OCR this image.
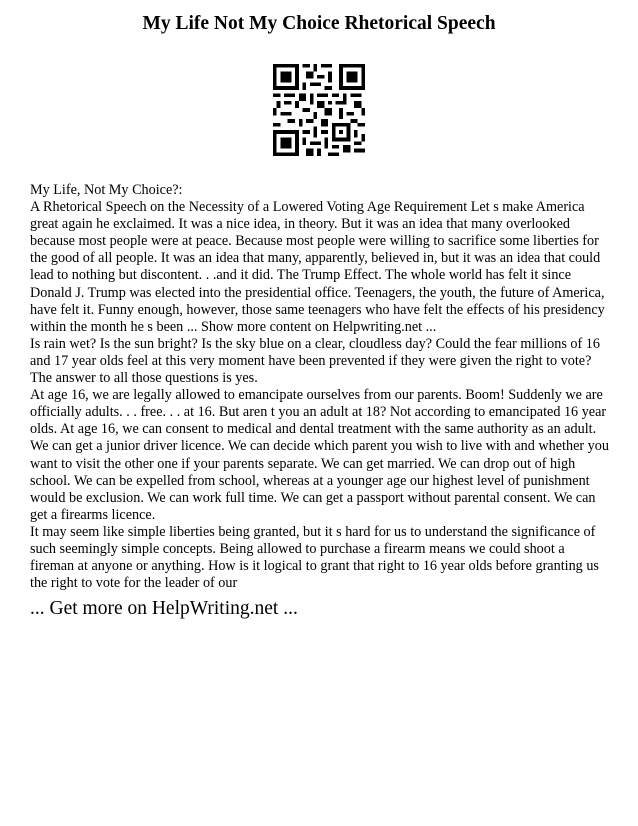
My Life Not My Choice Rhetorical Speech

My Life, Not My Choice?:

A Rhetorical Speech on the Necessity of a Lowered Voting Age Requirement Let s make America great again he exclaimed. It was a nice idea, in theory. But it was an idea that many overlooked because most people were at peace. Because most people were willing to sacrifice some liberties for the good of all people. It was an idea that many, apparently, believed in, but it was an idea that could lead to nothing but discontent. . .and it did. The Trump Effect. The whole world has felt it since Donald J. Trump was elected into the presidential office. Teenagers, the youth, the future of America, have felt it. Funny enough, however, those same teenagers who have felt the effects of his presidency within the month he s been ... Show more content on Helpwriting.net ...

Is rain wet? Is the sun bright? Is the sky blue on a clear, cloudless day? Could the fear millions of 16 and 17 year olds feel at this very moment have been prevented if they were given the right to vote? The answer to all those questions is yes.

At age 16, we are legally allowed to emancipate ourselves from our parents. Boom! Suddenly we are officially adults. . . free. . . at 16. But aren t you an adult at 18? Not according to emancipated 16 year olds. At age 16, we can consent to medical and dental treatment with the same authority as an adult. We can get a junior driver licence. We can decide which parent you wish to live with and whether you want to visit the other one if your parents separate. We can get married. We can drop out of high school. We can be expelled from school, whereas at a younger age our highest level of punishment would be exclusion. We can work full time. We can get a passport without parental consent. We can get a firearms licence.

It may seem like simple liberties being granted, but it s hard for us to understand the significance of such seemingly simple concepts. Being allowed to purchase a firearm means we could shoot a fireman at anyone or anything. How is it logical to grant that right to 16 year olds before granting us the right to vote for the leader of our

... Get more on HelpWriting.net ...
